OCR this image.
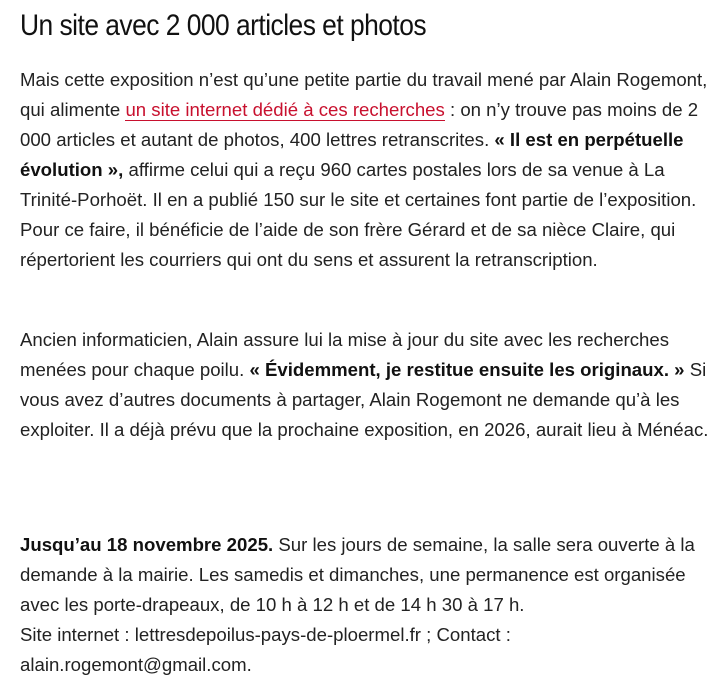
Un site avec 2 000 articles et photos

Mais cette exposition n’est qu’une petite partie du travail mené par Alain Rogemont, qui alimente un site internet dédié à ces recherches : on n’y trouve pas moins de 2 000 articles et autant de photos, 400 lettres retranscrites. « Il est en perpétuelle évolution », affirme celui qui a reçu 960 cartes postales lors de sa venue à La Trinité-Porhoët. Il en a publié 150 sur le site et certaines font partie de l’exposition. Pour ce faire, il bénéficie de l’aide de son frère Gérard et de sa nièce Claire, qui répertorient les courriers qui ont du sens et assurent la retranscription.

Ancien informaticien, Alain assure lui la mise à jour du site avec les recherches menées pour chaque poilu. « Évidemment, je restitue ensuite les originaux. » Si vous avez d’autres documents à partager, Alain Rogemont ne demande qu’à les exploiter. Il a déjà prévu que la prochaine exposition, en 2026, aurait lieu à Ménéac.

Jusqu’au 18 novembre 2025. Sur les jours de semaine, la salle sera ouverte à la demande à la mairie. Les samedis et dimanches, une permanence est organisée avec les porte-drapeaux, de 10 h à 12 h et de 14 h 30 à 17 h.
Site internet : lettresdepoilus-pays-de-ploermel.fr ; Contact :
alain.rogemont@gmail.com.
